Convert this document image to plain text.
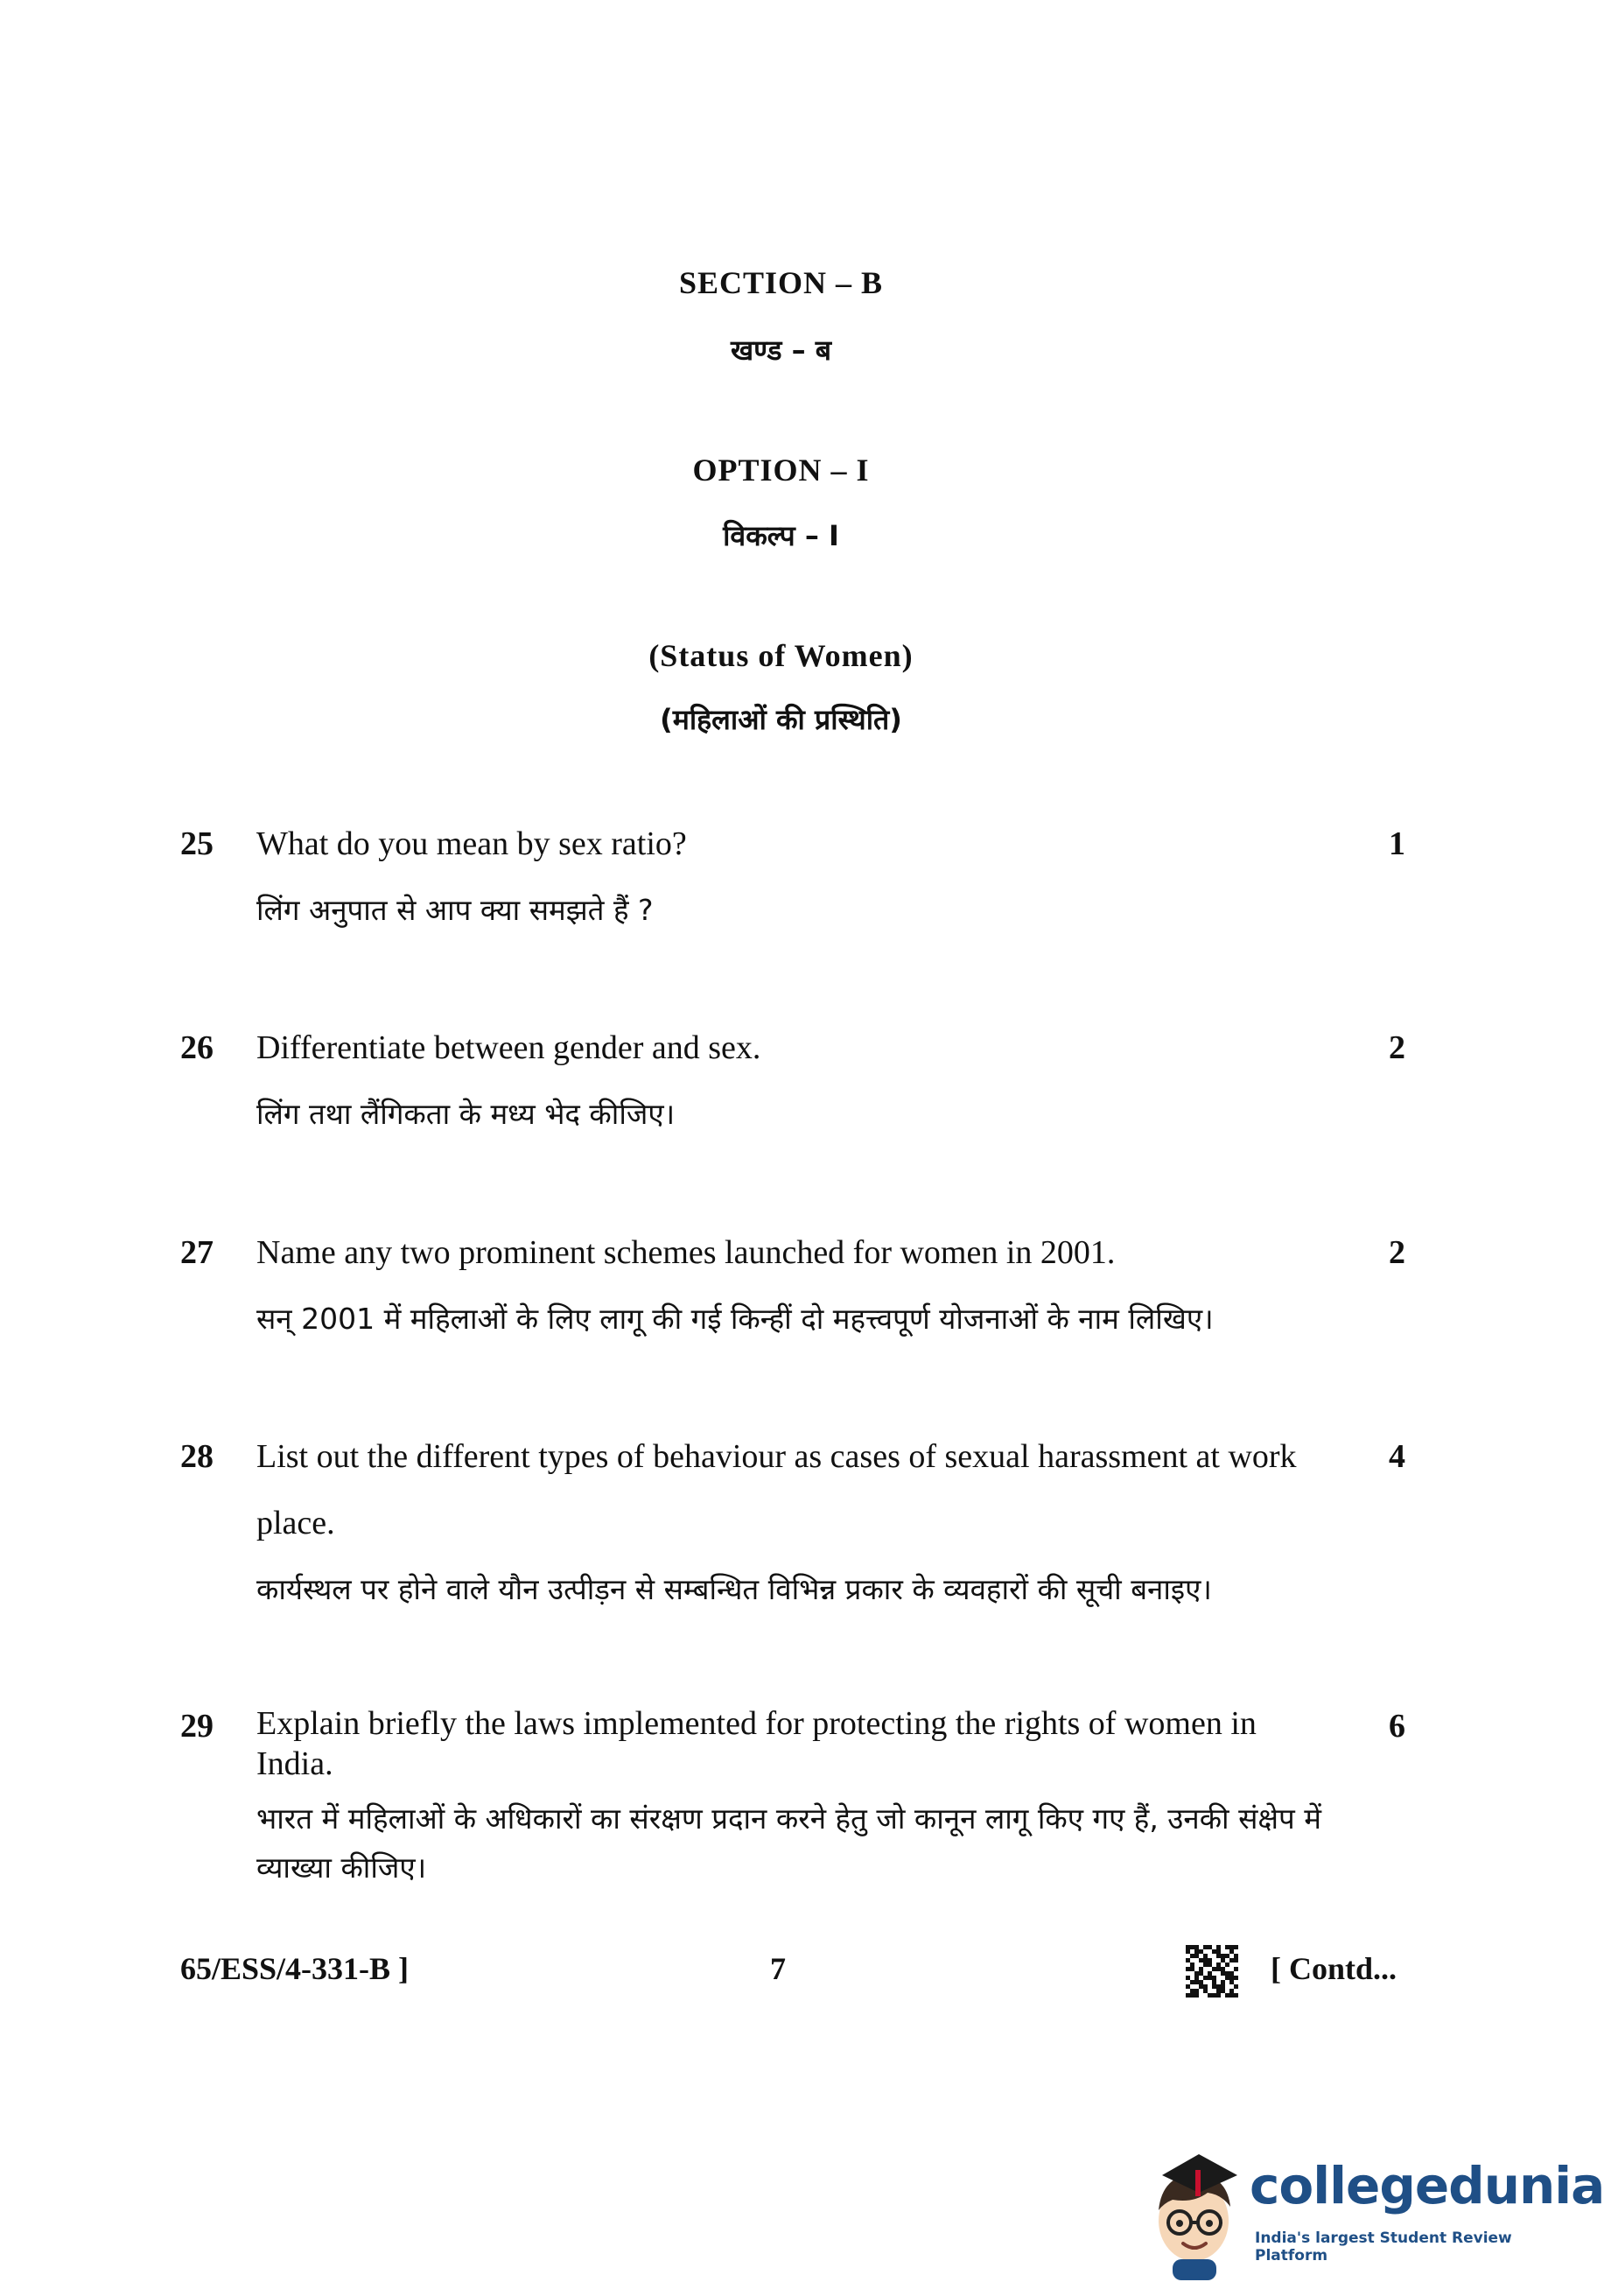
SECTION – B
खण्ड – ब
OPTION – I
विकल्प – I
(Status of Women)
(महिलाओं की प्रस्थिति)
25 What do you mean by sex ratio?
लिंग अनुपात से आप क्या समझते हैं ?
1
26 Differentiate between gender and sex.
लिंग तथा लैंगिकता के मध्य भेद कीजिए।
2
27 Name any two prominent schemes launched for women in 2001.
सन् 2001 में महिलाओं के लिए लागू की गई किन्हीं दो महत्त्वपूर्ण योजनाओं के नाम लिखिए।
2
28 List out the different types of behaviour as cases of sexual harassment at work place.
कार्यस्थल पर होने वाले यौन उत्पीड़न से सम्बन्धित विभिन्न प्रकार के व्यवहारों की सूची बनाइए।
4
29 Explain briefly the laws implemented for protecting the rights of women in India.
भारत में महिलाओं के अधिकारों का संरक्षण प्रदान करने हेतु जो कानून लागू किए गए हैं, उनकी संक्षेप में व्याख्या कीजिए।
6
65/ESS/4-331-B ]	7	[ Contd...
collegedunia
India's largest Student Review Platform
